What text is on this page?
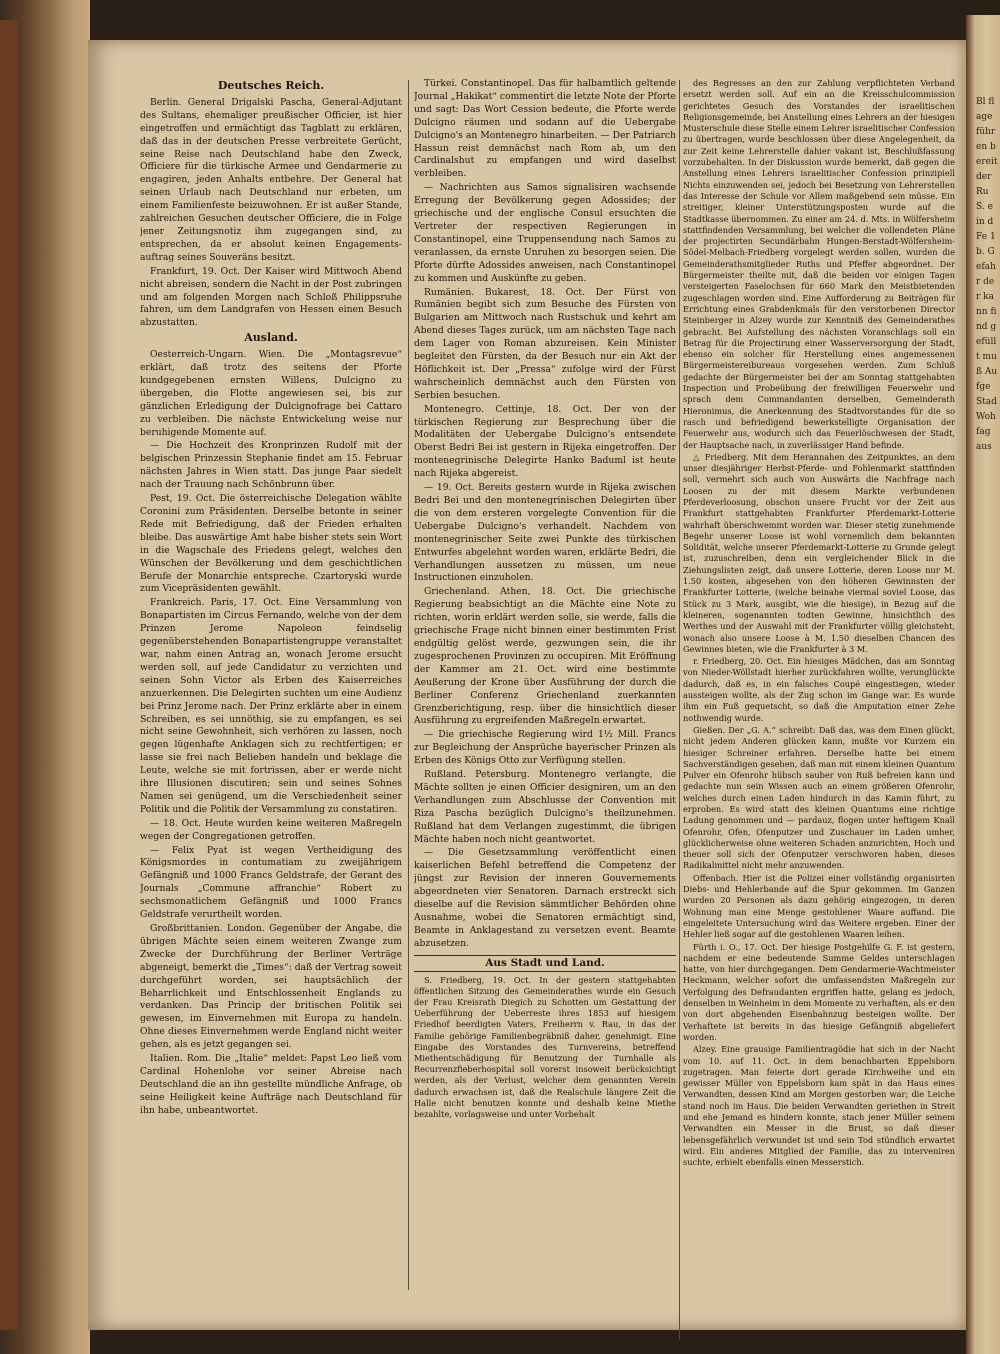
Bl flage führen bereit der Ru S. e in d Fe 1b. Gefahr der kann find gefüllt muß Aufge Stad Woh fag aus
Deutsches Reich.

Berlin. General Drigalski Pascha, General-Adjutant des Sultans, ehemaliger preußischer Officier, ist hier eingetroffen und ermächtigt das Tagblatt zu erklären, daß das in der deutschen Presse verbreitete Gerücht, seine Reise nach Deutschland habe den Zweck, Officiere für die türkische Armee und Gendarmerie zu engagiren, jeden Anhalts entbehre. Der General hat seinen Urlaub nach Deutschland nur erbeten, um einem Familienfeste beizuwohnen. Er ist außer Stande, zahlreichen Gesuchen deutscher Officiere, die in Folge jener Zeitungsnotiz ihm zugegangen sind, zu entsprechen, da er absolut keinen Engagements-auftrag seines Souveräns besitzt.

Frankfurt, 19. Oct. Der Kaiser wird Mittwoch Abend nicht abreisen, sondern die Nacht in der Post zubringen und am folgenden Morgen nach Schloß Philippsruhe fahren, um dem Landgrafen von Hessen einen Besuch abzustatten.

Ausland.

Oesterreich-Ungarn. Wien. Die „Montagsrevue“ erklärt, daß trotz des seitens der Pforte kundgegebenen ernsten Willens, Dulcigno zu übergeben, die Flotte angewiesen sei, bis zur gänzlichen Erledigung der Dulcignofrage bei Cattaro zu verbleiben. Die nächste Entwickelung weise nur beruhigende Momente auf.

— Die Hochzeit des Kronprinzen Rudolf mit der belgischen Prinzessin Stephanie findet am 15. Februar nächsten Jahres in Wien statt. Das junge Paar siedelt nach der Trauung nach Schönbrunn über.

Pest, 19. Oct. Die österreichische Delegation wählte Coronini zum Präsidenten. Derselbe betonte in seiner Rede mit Befriedigung, daß der Frieden erhalten bleibe. Das auswärtige Amt habe bisher stets sein Wort in die Wagschale des Friedens gelegt, welches den Wünschen der Bevölkerung und dem geschichtlichen Berufe der Monarchie entspreche. Czartoryski wurde zum Vicepräsidenten gewählt.

Frankreich. Paris, 17. Oct. Eine Versammlung von Bonapartisten im Circus Fernando, welche von der dem Prinzen Jerome Napoleon feindselig gegenüberstehenden Bonapartistengruppe veranstaltet war, nahm einen Antrag an, wonach Jerome ersucht werden soll, auf jede Candidatur zu verzichten und seinen Sohn Victor als Erben des Kaiserreiches anzuerkennen. Die Delegirten suchten um eine Audienz bei Prinz Jerome nach. Der Prinz erklärte aber in einem Schreiben, es sei unnöthig, sie zu empfangen, es sei nicht seine Gewohnheit, sich verhören zu lassen, noch gegen lügenhafte Anklagen sich zu rechtfertigen; er lasse sie frei nach Belieben handeln und beklage die Leute, welche sie mit fortrissen, aber er werde nicht ihre Illusionen discutiren; sein und seines Sohnes Namen sei genügend, um die Verschiedenheit seiner Politik und die Politik der Versammlung zu constatiren.

— 18. Oct. Heute wurden keine weiteren Maßregeln wegen der Congregationen getroffen.

— Felix Pyat ist wegen Vertheidigung des Königsmordes in contumatiam zu zweijährigem Gefängniß und 1000 Francs Geldstrafe, der Gerant des Journals „Commune affranchie“ Robert zu sechsmonatlichem Gefängniß und 1000 Francs Geldstrafe verurtheilt worden.

Großbrittanien. London. Gegenüber der Angabe, die übrigen Mächte seien einem weiteren Zwange zum Zwecke der Durchführung der Berliner Verträge abgeneigt, bemerkt die „Times“: daß der Vertrag soweit durchgeführt worden, sei hauptsächlich der Beharrlichkeit und Entschlossenheit Englands zu verdanken. Das Princip der britischen Politik sei gewesen, im Einvernehmen mit Europa zu handeln. Ohne dieses Einvernehmen werde England nicht weiter gehen, als es jetzt gegangen sei.

Italien. Rom. Die „Italie“ meldet: Papst Leo ließ vom Cardinal Hohenlohe vor seiner Abreise nach Deutschland die an ihn gestellte mündliche Anfrage, ob seine Heiligkeit keine Aufträge nach Deutschland für ihn habe, unbeantwortet.

Türkei. Constantinopel. Das für halbamtlich geltende Journal „Hakikat“ commentirt die letzte Note der Pforte und sagt: Das Wort Cession bedeute, die Pforte werde Dulcigno räumen und sodann auf die Uebergabe Dulcigno's an Montenegro hinarbeiten. — Der Patriarch Hassun reist demnächst nach Rom ab, um den Cardinalshut zu empfangen und wird daselbst verbleiben.

— Nachrichten aus Samos signalisiren wachsende Erregung der Bevölkerung gegen Adossides; der griechische und der englische Consul ersuchten die Vertreter der respectiven Regierungen in Constantinopel, eine Truppensendung nach Samos zu veranlassen, da ernste Unruhen zu besorgen seien. Die Pforte dürfte Adossides anweisen, nach Constantinopel zu kommen und Auskünfte zu geben.

Rumänien. Bukarest, 18. Oct. Der Fürst von Rumänien begibt sich zum Besuche des Fürsten von Bulgarien am Mittwoch nach Rustschuk und kehrt am Abend dieses Tages zurück, um am nächsten Tage nach dem Lager von Roman abzureisen. Kein Minister begleitet den Fürsten, da der Besuch nur ein Akt der Höflichkeit ist. Der „Pressa“ zufolge wird der Fürst wahrscheinlich demnächst auch den Fürsten von Serbien besuchen.

Montenegro. Cettinje, 18. Oct. Der von der türkischen Regierung zur Besprechung über die Modalitäten der Uebergabe Dulcigno's entsendete Oberst Bedri Bei ist gestern in Rijeka eingetroffen. Der montenegrinische Delegirte Hanko Baduml ist heute nach Rijeka abgereist.

— 19. Oct. Bereits gestern wurde in Rijeka zwischen Bedri Bei und den montenegrinischen Delegirten über die von dem ersteren vorgelegte Convention für die Uebergabe Dulcigno's verhandelt. Nachdem von montenegrinischer Seite zwei Punkte des türkischen Entwurfes abgelehnt worden waren, erklärte Bedri, die Verhandlungen aussetzen zu müssen, um neue Instructionen einzuholen.

Griechenland. Athen, 18. Oct. Die griechische Regierung beabsichtigt an die Mächte eine Note zu richten, worin erklärt werden solle, sie werde, falls die griechische Frage nicht binnen einer bestimmten Frist endgültig gelöst werde, gezwungen sein, die ihr zugesprochenen Provinzen zu occupiren. Mit Eröffnung der Kammer am 21. Oct. wird eine bestimmte Aeußerung der Krone über Ausführung der durch die Berliner Conferenz Griechenland zuerkannten Grenzberichtigung, resp. über die hinsichtlich dieser Ausführung zu ergreifenden Maßregeln erwartet.

— Die griechische Regierung wird 1½ Mill. Francs zur Begleichung der Ansprüche bayerischer Prinzen als Erben des Königs Otto zur Verfügung stellen.

Rußland. Petersburg. Montenegro verlangte, die Mächte sollten je einen Officier designiren, um an den Verhandlungen zum Abschlusse der Convention mit Riza Pascha bezüglich Dulcigno's theilzunehmen. Rußland hat dem Verlangen zugestimmt, die übrigen Mächte haben noch nicht geantwortet.

— Die Gesetzsammlung veröffentlicht einen kaiserlichen Befehl betreffend die Competenz der jüngst zur Revision der inneren Gouvernements abgeordneten vier Senatoren. Darnach erstreckt sich dieselbe auf die Revision sämmtlicher Behörden ohne Ausnahme, wobei die Senatoren ermächtigt sind, Beamte in Anklagestand zu versetzen event. Beamte abzusetzen.

Aus Stadt und Land.

S. Friedberg, 19. Oct. In der gestern stattgehabten öffentlichen Sitzung des Gemeinderathes wurde ein Gesuch der Frau Kreisrath Diegich zu Schotten um Gestattung der Ueberführung der Ueberreste ihres 1853 auf hiesigem Friedhof beerdigten Vaters, Freiherrn v. Rau, in das der Familie gehörige Familienbegräbniß daher, genehmigt. Eine Eingabe des Vorstandes des Turnvereins, betreffend Miethentschädigung für Benutzung der Turnhalle als Recurrenzfieberhospital soll vorerst insoweit berücksichtigt werden, als der Verlust, welcher dem genannten Verein dadurch erwachsen ist, daß die Realschule längere Zeit die Halle nicht benutzen konnte und deshalb keine Miethe bezahlte, vorlagsweise und unter Vorbehalt

des Regresses an den zur Zahlung verpflichteten Verband ersetzt werden soll. Auf ein an die Kreisschulcommission gerichtetes Gesuch des Vorstandes der israelitischen Religionsgemeinde, bei Anstellung eines Lehrers an der hiesigen Musterschule diese Stelle einem Lehrer israelitischer Confession zu übertragen, wurde beschlossen über diese Angelegenheit, da zur Zeit keine Lehrerstelle dahier vakant ist, Beschlußfassung vorzubehalten. In der Diskussion wurde bemerkt, daß gegen die Anstellung eines Lehrers israelitischer Confession prinzipiell Nichts einzuwenden sei, jedoch bei Besetzung von Lehrerstellen das Interesse der Schule vor Allem maßgebend sein müsse. Ein streitiger, kleiner Unterstützungsposten wurde auf die Stadtkasse übernommen. Zu einer am 24. d. Mts. in Wölfersheim stattfindenden Versammlung, bei welcher die vollendeten Pläne der projectirten Secundärbahn Hungen-Berstadt-Wölfersheim-Södel-Melbach-Friedberg vorgelegt werden sollen, wurden die Gemeinderathsmitglieder Ruths und Pfeffer abgeordnet. Der Bürgermeister theilte mit, daß die beiden vor einigen Tagen versteigerten Faselochsen für 660 Mark den Meistbietenden zugeschlagen worden sind. Eine Aufforderung zu Beiträgen für Errichtung eines Grabdenkmals für den verstorbenen Director Steinberger in Alzey wurde zur Kenntniß des Gemeinderathes gebracht. Bei Aufstellung des nächsten Voranschlags soll ein Betrag für die Projectirung einer Wasserversorgung der Stadt, ebenso ein solcher für Herstellung eines angemessenen Bürgermeistereibureaus vorgesehen werden. Zum Schluß gedachte der Bürgermeister bei der am Sonntag stattgehabten Inspection und Probeübung der freiwilligen Feuerwehr und sprach dem Commandanten derselben, Gemeinderath Hieronimus, die Anerkennung des Stadtvorstandes für die so rasch und befriedigend bewerkstelligte Organisation der Feuerwehr aus, wodurch sich das Feuerlöschwesen der Stadt, der Hauptsache nach, in zuverlässiger Hand befinde.

△ Friedberg. Mit dem Herannahen des Zeitpunktes, an dem unser diesjähriger Herbst-Pferde- und Fohlenmarkt stattfinden soll, vermehrt sich auch von Auswärts die Nachfrage nach Loosen zu der mit diesem Markte verbundenen Pferdeverloosung, obschon unsere Frucht vor der Zeit aus Frankfurt stattgehabten Frankfurter Pferdemarkt-Lotterie wahrhaft überschwemmt worden war. Dieser stetig zunehmende Begehr unserer Loose ist wohl vornemlich dem bekannten Solidität, welche unserer Pferdemarkt-Lotterie zu Grunde gelegt ist, zuzuschreiben, denn ein vergleichender Blick in die Ziehungslisten zeigt, daß unsere Lotterie, deren Loose nur M. 1.50 kosten, abgesehen von den höheren Gewinnsten der Frankfurter Lotterie, (welche beinahe viermal soviel Loose, das Stück zu 3 Mark, ausgibt, wie die hiesige), in Bezug auf die kleineren, sogenannten todten Gewinne, hinsichtlich des Werthes und der Auswahl mit der Frankfurter völlig gleichsteht, wonach also unsere Loose à M. 1.50 dieselben Chancen des Gewinnes bieten, wie die Frankfurter à 3 M.

r. Friedberg, 20. Oct. Ein hiesiges Mädchen, das am Sonntag von Nieder-Wöllstadt hierher zurückfahren wollte, verunglückte dadurch, daß es, in ein falsches Coupé eingestiegen, wieder aussteigen wollte, als der Zug schon im Gange war. Es wurde ihm ein Fuß gequetscht, so daß die Amputation einer Zehe nothwendig wurde.

Gießen. Der „G. A.“ schreibt: Daß das, was dem Einen glückt, nicht jedem Anderen glücken kann, mußte vor Kurzem ein hiesiger Schreiner erfahren. Derselbe hatte bei einem Sachverständigen gesehen, daß man mit einem kleinen Quantum Pulver ein Ofenrohr hübsch sauber von Ruß befreien kann und gedachte nun sein Wissen auch an einem größeren Ofenrohr, welches durch einen Laden hindurch in das Kamin führt, zu erproben. Es wird statt des kleinen Quantums eine richtige Ladung genommen und — pardauz, flogen unter heftigem Knall Ofenrohr, Ofen, Ofenputzer und Zuschauer im Laden umher, glücklicherweise ohne weiteren Schaden anzurichten, Hoch und theuer soll sich der Ofenputzer verschworen haben, dieses Radikalmittel nicht mehr anzuwenden.

Offenbach. Hier ist die Polizei einer vollständig organisirten Diebs- und Hehlerbande auf die Spur gekommen. Im Ganzen wurden 20 Personen als dazu gehörig eingezogen, in deren Wohnung man eine Menge gestohlener Waare auffand. Die eingeleitete Untersuchung wird das Weitere ergeben. Einer der Hehler ließ sogar auf die gestohlenen Waaren leihen.

Fürth i. O., 17. Oct. Der hiesige Postgehilfe G. F. ist gestern, nachdem er eine bedeutende Summe Geldes unterschlagen hatte, von hier durchgegangen. Dem Gendarmerie-Wachtmeister Heckmann, welcher sofort die umfassendsten Maßregeln zur Verfolgung des Defraudanten ergriffen hatte, gelang es jedoch, denselben in Weinheim in dem Momente zu verhaften, als er den von dort abgehenden Eisenbahnzug besteigen wollte. Der Verhaftete ist bereits in das hiesige Gefängniß abgeliefert worden.

Alzey. Eine grausige Familientragödie hat sich in der Nacht vom 10. auf 11. Oct. in dem benachbarten Eppelsborn zugetragen. Man feierte dort gerade Kirchweihe und ein gewisser Müller von Eppelsborn kam spät in das Haus eines Verwandten, dessen Kind am Morgen gestorben war; die Leiche stand noch im Haus. Die beiden Verwandten geriethen in Streit und ehe Jemand es hindern konnte, stach jener Müller seinem Verwandten ein Messer in die Brust, so daß dieser lebensgefährlich verwundet ist und sein Tod stündlich erwartet wird. Ein anderes Mitglied der Familie, das zu interveniren suchte, erhielt ebenfalls einen Messerstich.
